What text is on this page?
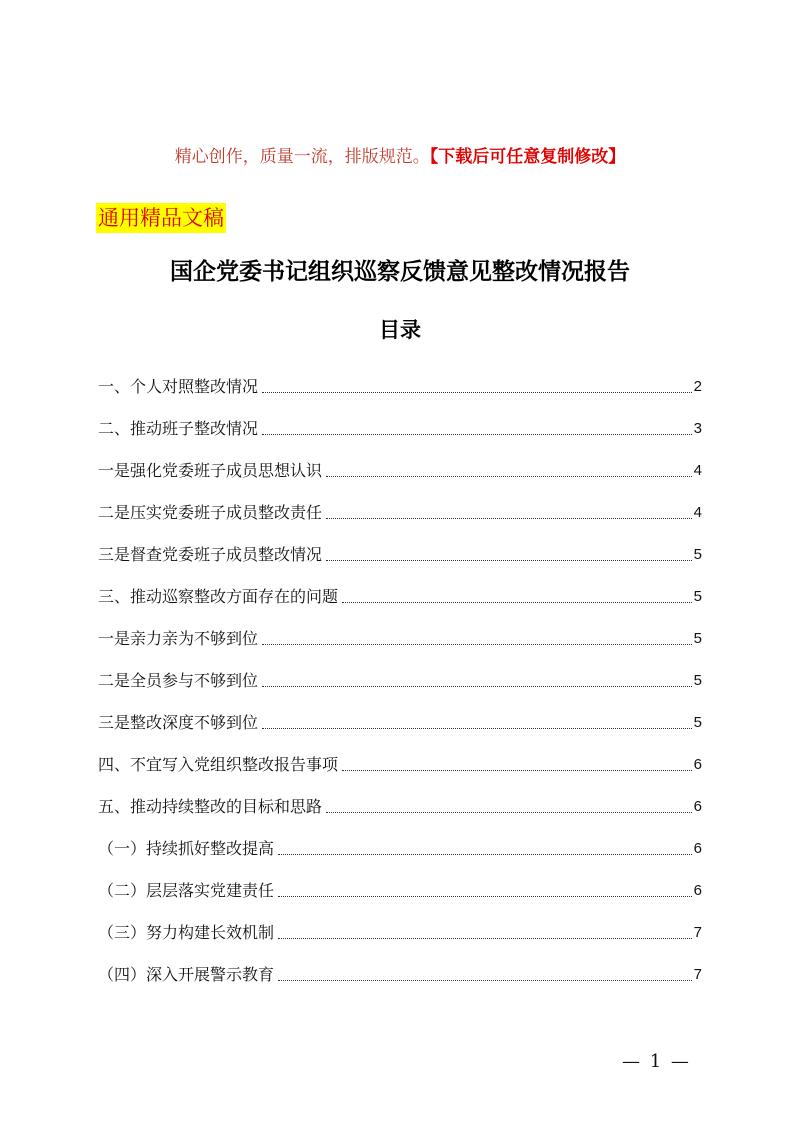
精心创作，质量一流，排版规范。【下载后可任意复制修改】
通用精品文稿
国企党委书记组织巡察反馈意见整改情况报告
目录
一、个人对照整改情况	2
二、推动班子整改情况	3
一是强化党委班子成员思想认识	4
二是压实党委班子成员整改责任	4
三是督查党委班子成员整改情况	5
三、推动巡察整改方面存在的问题	5
一是亲力亲为不够到位	5
二是全员参与不够到位	5
三是整改深度不够到位	5
四、不宜写入党组织整改报告事项	6
五、推动持续整改的目标和思路	6
（一）持续抓好整改提高	6
（二）层层落实党建责任	6
（三）努力构建长效机制	7
（四）深入开展警示教育	7
— 1 —
